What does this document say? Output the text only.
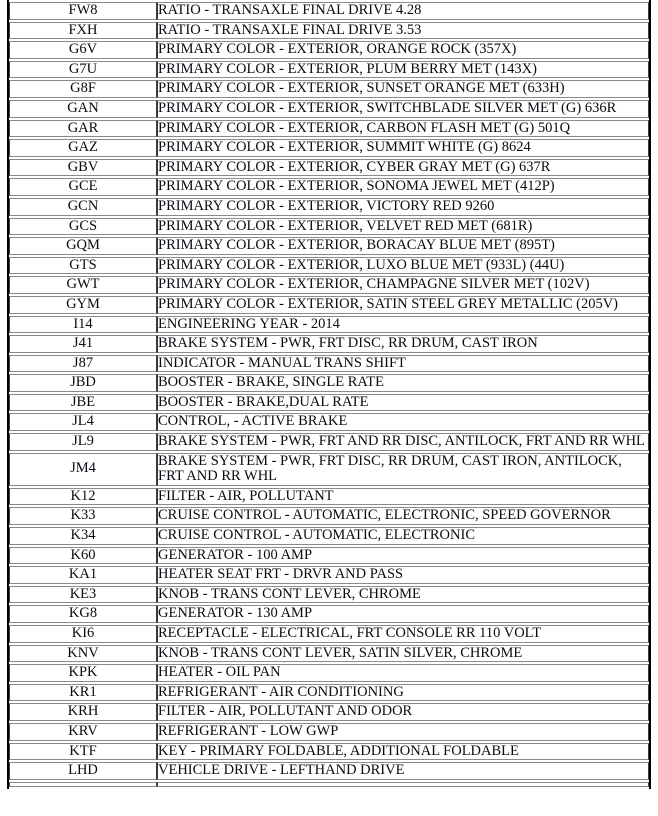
FW8	RATIO - TRANSAXLE FINAL DRIVE 4.28
FXH	RATIO - TRANSAXLE FINAL DRIVE 3.53
G6V	PRIMARY COLOR - EXTERIOR, ORANGE ROCK (357X)
G7U	PRIMARY COLOR - EXTERIOR, PLUM BERRY MET (143X)
G8F	PRIMARY COLOR - EXTERIOR, SUNSET ORANGE MET (633H)
GAN	PRIMARY COLOR - EXTERIOR, SWITCHBLADE SILVER MET (G) 636R
GAR	PRIMARY COLOR - EXTERIOR, CARBON FLASH MET (G) 501Q
GAZ	PRIMARY COLOR - EXTERIOR, SUMMIT WHITE (G) 8624
GBV	PRIMARY COLOR - EXTERIOR, CYBER GRAY MET (G) 637R
GCE	PRIMARY COLOR - EXTERIOR, SONOMA JEWEL MET (412P)
GCN	PRIMARY COLOR - EXTERIOR, VICTORY RED 9260
GCS	PRIMARY COLOR - EXTERIOR, VELVET RED MET (681R)
GQM	PRIMARY COLOR - EXTERIOR, BORACAY BLUE MET (895T)
GTS	PRIMARY COLOR - EXTERIOR, LUXO BLUE MET (933L) (44U)
GWT	PRIMARY COLOR - EXTERIOR, CHAMPAGNE SILVER MET (102V)
GYM	PRIMARY COLOR - EXTERIOR, SATIN STEEL GREY METALLIC (205V)
I14	ENGINEERING YEAR - 2014
J41	BRAKE SYSTEM - PWR, FRT DISC, RR DRUM, CAST IRON
J87	INDICATOR - MANUAL TRANS SHIFT
JBD	BOOSTER - BRAKE, SINGLE RATE
JBE	BOOSTER - BRAKE,DUAL RATE
JL4	CONTROL, - ACTIVE BRAKE
JL9	BRAKE SYSTEM - PWR, FRT AND RR DISC, ANTILOCK, FRT AND RR WHL
JM4	BRAKE SYSTEM - PWR, FRT DISC, RR DRUM, CAST IRON, ANTILOCK, FRT AND RR WHL
K12	FILTER - AIR, POLLUTANT
K33	CRUISE CONTROL - AUTOMATIC, ELECTRONIC, SPEED GOVERNOR
K34	CRUISE CONTROL - AUTOMATIC, ELECTRONIC
K60	GENERATOR - 100 AMP
KA1	HEATER SEAT FRT - DRVR AND PASS
KE3	KNOB - TRANS CONT LEVER, CHROME
KG8	GENERATOR - 130 AMP
KI6	RECEPTACLE - ELECTRICAL, FRT CONSOLE RR 110 VOLT
KNV	KNOB - TRANS CONT LEVER, SATIN SILVER, CHROME
KPK	HEATER - OIL PAN
KR1	REFRIGERANT - AIR CONDITIONING
KRH	FILTER - AIR, POLLUTANT AND ODOR
KRV	REFRIGERANT - LOW GWP
KTF	KEY - PRIMARY FOLDABLE, ADDITIONAL FOLDABLE
LHD	VEHICLE DRIVE - LEFTHAND DRIVE
